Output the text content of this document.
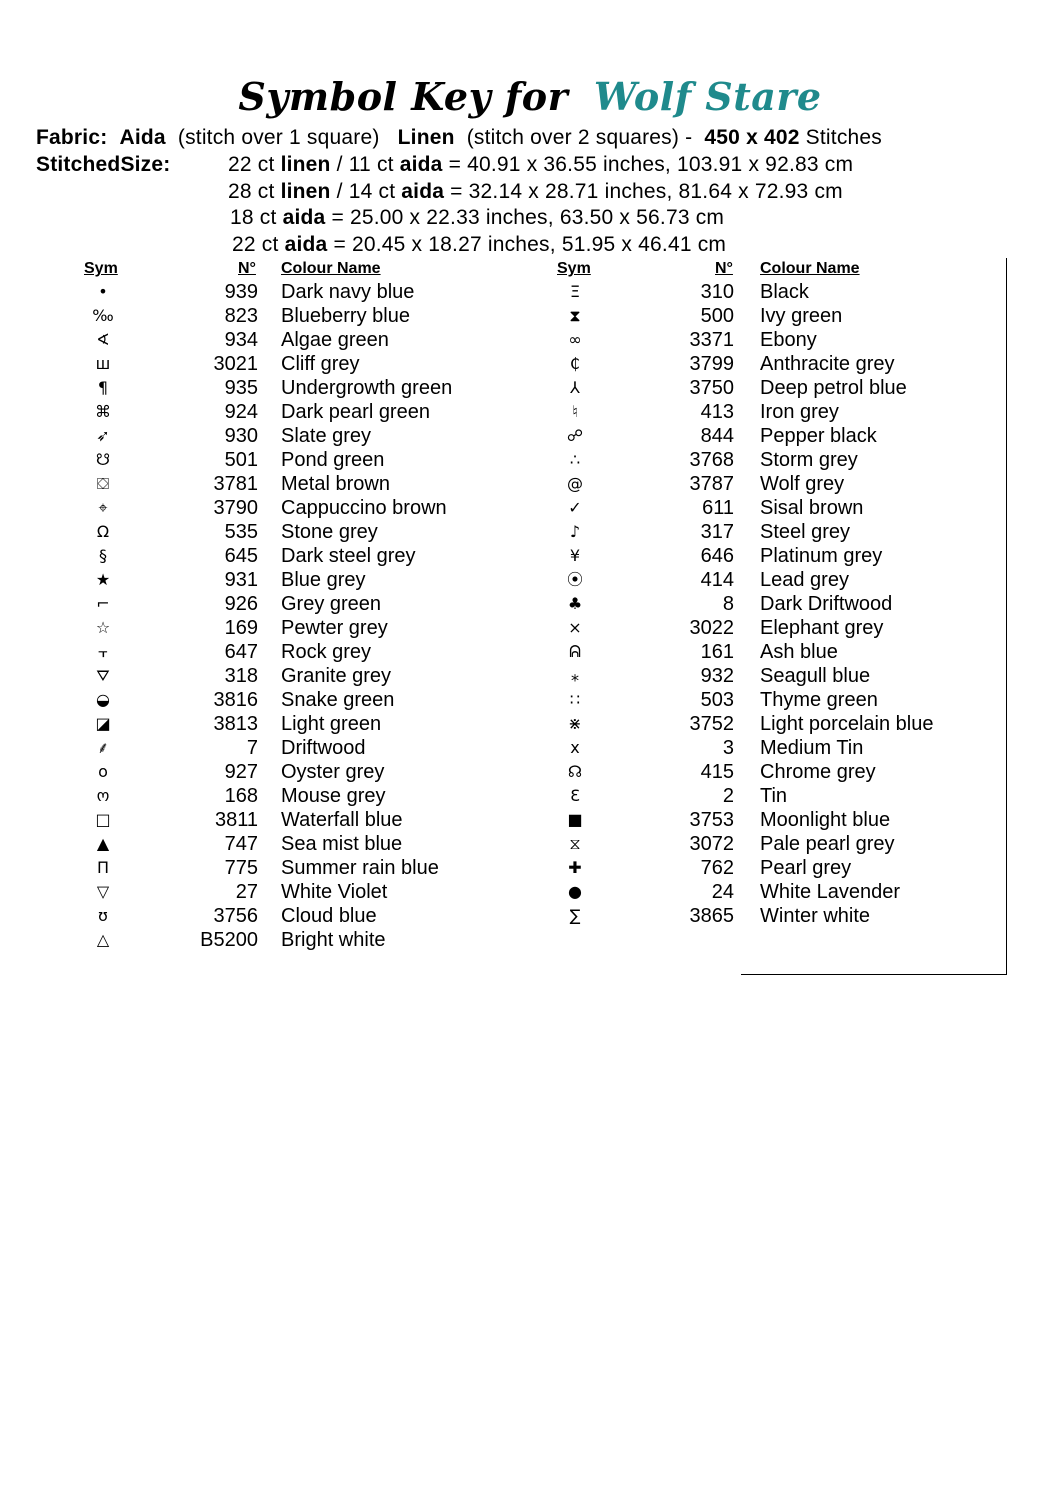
Symbol Key for Wolf Stare
Fabric: Aida (stitch over 1 square) Linen (stitch over 2 squares) - 450 x 402 Stitches
StitchedSize:	22 ct linen / 11 ct aida = 40.91 x 36.55 inches, 103.91 x 92.83 cm
28 ct linen / 14 ct aida = 32.14 x 28.71 inches, 81.64 x 72.93 cm
18 ct aida = 25.00 x 22.33 inches, 63.50 x 56.73 cm
22 ct aida = 20.45 x 18.27 inches, 51.95 x 46.41 cm
Sym	N° Colour Name	Sym	N° Colour Name
•	939 Dark navy blue
‰	823 Blueberry blue
∢	934 Algae green
ш	3021 Cliff grey
¶	935 Undergrowth green
⌘	924 Dark pearl green
➶	930 Slate grey
☋	501 Pond green
⛋	3781 Metal brown
⌖	3790 Cappuccino brown
Ω	535 Stone grey
§	645 Dark steel grey
★	931 Blue grey
⌐	926 Grey green
☆	169 Pewter grey
⫟	647 Rock grey
⛛	318 Granite grey
◒	3816 Snake green
◪	3813 Light green
⸙	7 Driftwood
o	927 Oyster grey
ო	168 Mouse grey
□	3811 Waterfall blue
▲	747 Sea mist blue
Π	775 Summer rain blue
▽	27 White Violet
ʊ	3756 Cloud blue
△	B5200 Bright white
Ξ	310 Black
⧗	500 Ivy green
∞	3371 Ebony
₵	3799 Anthracite grey
⅄	3750 Deep petrol blue
♮	413 Iron grey
☍	844 Pepper black
∴	3768 Storm grey
@	3787 Wolf grey
✓	611 Sisal brown
♪	317 Steel grey
¥	646 Platinum grey
⦿	414 Lead grey
♣	8 Dark Driftwood
⨯	3022 Elephant grey
ᕱ	161 Ash blue
⁎	932 Seagull blue
∷	503 Thyme green
⋇	3752 Light porcelain blue
x	3 Medium Tin
☊	415 Chrome grey
Ɛ	2 Tin
■	3753 Moonlight blue
⧖	3072 Pale pearl grey
✚	762 Pearl grey
●	24 White Lavender
∑	3865 Winter white
